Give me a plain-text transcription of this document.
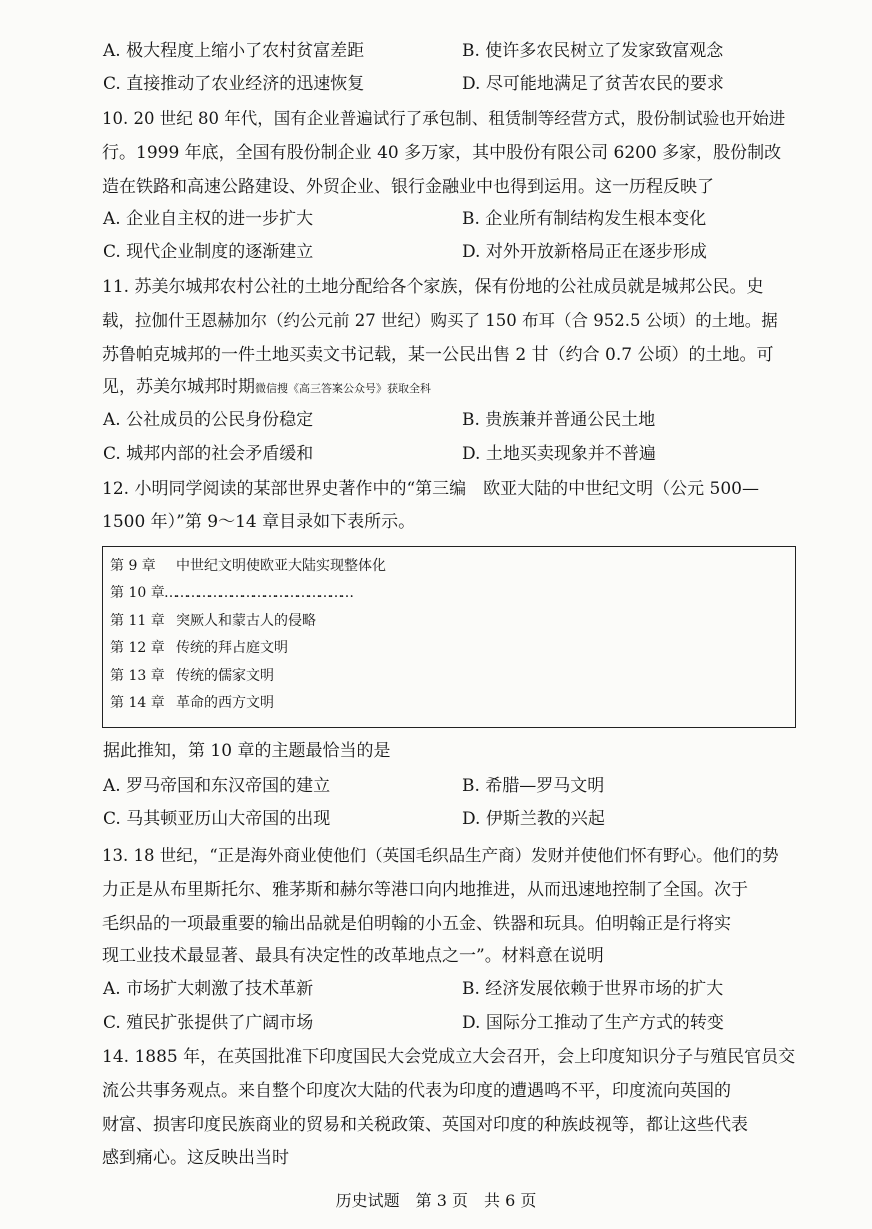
A. 极大程度上缩小了农村贫富差距	B. 使许多农民树立了发家致富观念
C. 直接推动了农业经济的迅速恢复	D. 尽可能地满足了贫苦农民的要求
10. 20 世纪 80 年代，国有企业普遍试行了承包制、租赁制等经营方式，股份制试验也开始进
行。1999 年底，全国有股份制企业 40 多万家，其中股份有限公司 6200 多家，股份制改
造在铁路和高速公路建设、外贸企业、银行金融业中也得到运用。这一历程反映了
A. 企业自主权的进一步扩大	B. 企业所有制结构发生根本变化
C. 现代企业制度的逐渐建立	D. 对外开放新格局正在逐步形成
11. 苏美尔城邦农村公社的土地分配给各个家族，保有份地的公社成员就是城邦公民。史
载，拉伽什王恩赫加尔（约公元前 27 世纪）购买了 150 布耳（合 952.5 公顷）的土地。据
苏鲁帕克城邦的一件土地买卖文书记载，某一公民出售 2 甘（约合 0.7 公顷）的土地。可
见，苏美尔城邦时期微信搜《高三答案公众号》获取全科
A. 公社成员的公民身份稳定	B. 贵族兼并普通公民土地
C. 城邦内部的社会矛盾缓和	D. 土地买卖现象并不普遍
12. 小明同学阅读的某部世界史著作中的“第三编　欧亚大陆的中世纪文明（公元 500—
1500 年）”第 9～14 章目录如下表所示。
第 9 章 中世纪文明使欧亚大陆实现整体化
第 10 章……………………………………………
第 11 章 突厥人和蒙古人的侵略
第 12 章 传统的拜占庭文明
第 13 章 传统的儒家文明
第 14 章 革命的西方文明
据此推知，第 10 章的主题最恰当的是
A. 罗马帝国和东汉帝国的建立	B. 希腊—罗马文明
C. 马其顿亚历山大帝国的出现	D. 伊斯兰教的兴起
13. 18 世纪，“正是海外商业使他们（英国毛织品生产商）发财并使他们怀有野心。他们的势
力正是从布里斯托尔、雅茅斯和赫尔等港口向内地推进，从而迅速地控制了全国。次于
毛织品的一项最重要的输出品就是伯明翰的小五金、铁器和玩具。伯明翰正是行将实
现工业技术最显著、最具有决定性的改革地点之一”。材料意在说明
A. 市场扩大刺激了技术革新	B. 经济发展依赖于世界市场的扩大
C. 殖民扩张提供了广阔市场	D. 国际分工推动了生产方式的转变
14. 1885 年，在英国批准下印度国民大会党成立大会召开，会上印度知识分子与殖民官员交
流公共事务观点。来自整个印度次大陆的代表为印度的遭遇鸣不平，印度流向英国的
财富、损害印度民族商业的贸易和关税政策、英国对印度的种族歧视等，都让这些代表
感到痛心。这反映出当时
历史试题　第 3 页　共 6 页
